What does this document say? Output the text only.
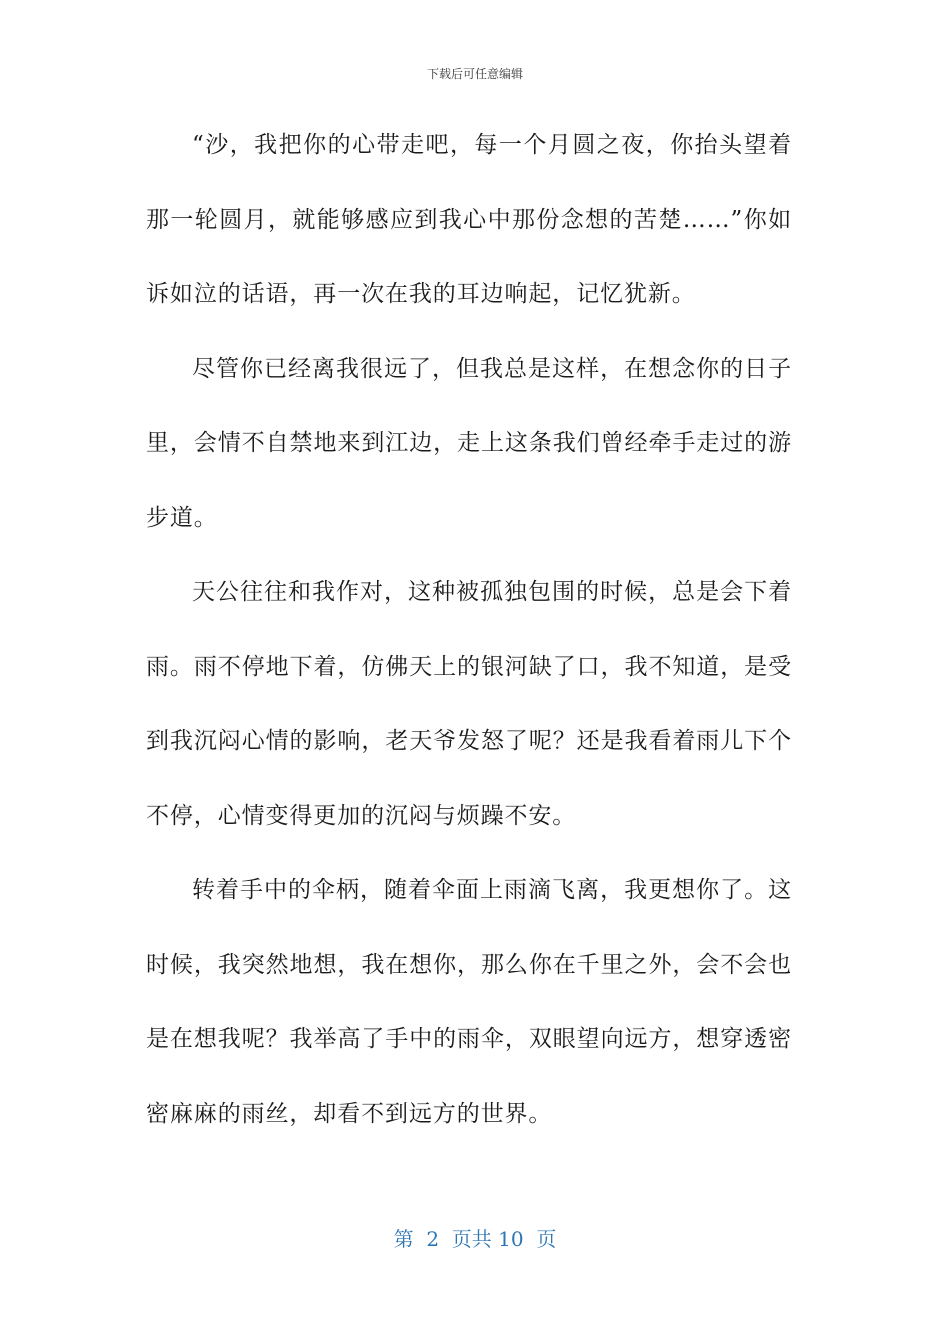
下载后可任意编辑

“沙，我把你的心带走吧，每一个月圆之夜，你抬头望着那一轮圆月，就能够感应到我心中那份念想的苦楚……”你如诉如泣的话语，再一次在我的耳边响起，记忆犹新。

尽管你已经离我很远了，但我总是这样，在想念你的日子里，会情不自禁地来到江边，走上这条我们曾经牵手走过的游步道。

天公往往和我作对，这种被孤独包围的时候，总是会下着雨。雨不停地下着，仿佛天上的银河缺了口，我不知道，是受到我沉闷心情的影响，老天爷发怒了呢？还是我看着雨儿下个不停，心情变得更加的沉闷与烦躁不安。

转着手中的伞柄，随着伞面上雨滴飞离，我更想你了。这时候，我突然地想，我在想你，那么你在千里之外，会不会也是在想我呢？我举高了手中的雨伞，双眼望向远方，想穿透密密麻麻的雨丝，却看不到远方的世界。

第  2  页共 10  页
